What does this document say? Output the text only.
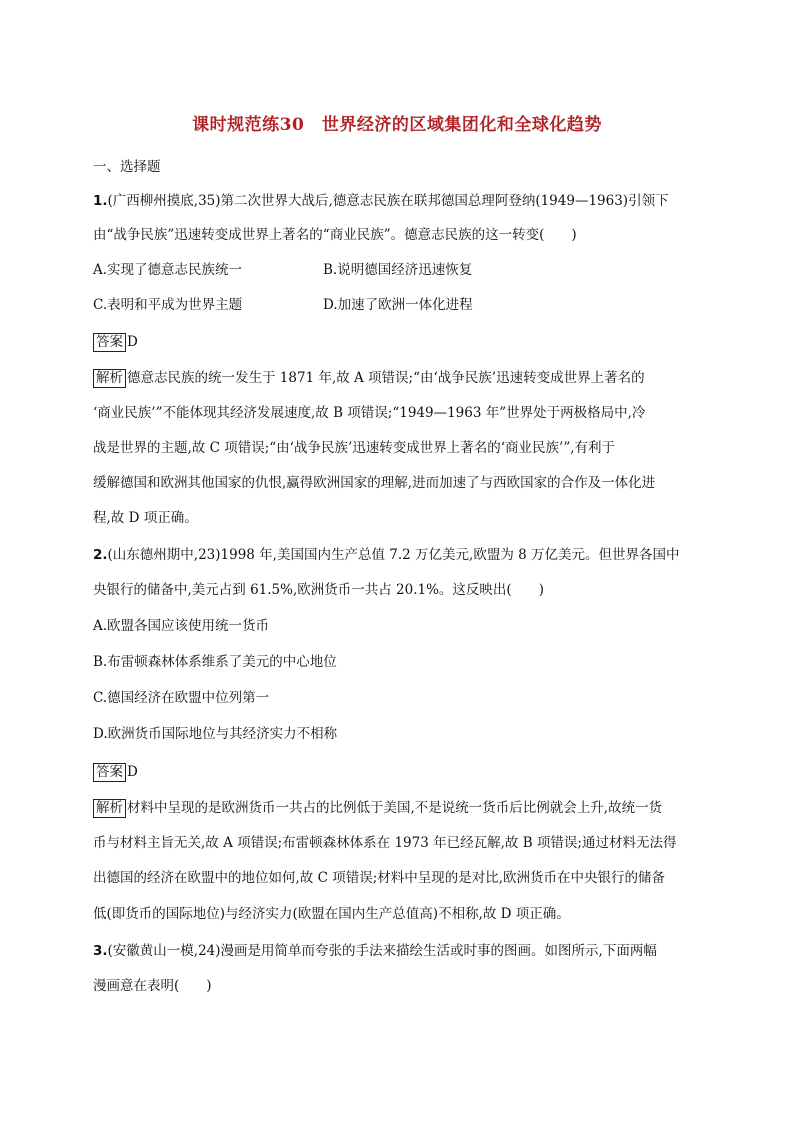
课时规范练30　世界经济的区域集团化和全球化趋势
一、选择题
1.(广西柳州摸底,35)第二次世界大战后,德意志民族在联邦德国总理阿登纳(1949—1963)引领下
由“战争民族”迅速转变成世界上著名的“商业民族”。德意志民族的这一转变(　　)
A.实现了德意志民族统一	B.说明德国经济迅速恢复
C.表明和平成为世界主题	D.加速了欧洲一体化进程
答案 D
解析 德意志民族的统一发生于 1871 年,故 A 项错误;“由‘战争民族’迅速转变成世界上著名的
‘商业民族’”不能体现其经济发展速度,故 B 项错误;“1949—1963 年”世界处于两极格局中,冷
战是世界的主题,故 C 项错误;“由‘战争民族’迅速转变成世界上著名的‘商业民族’”,有利于
缓解德国和欧洲其他国家的仇恨,赢得欧洲国家的理解,进而加速了与西欧国家的合作及一体化进
程,故 D 项正确。
2.(山东德州期中,23)1998 年,美国国内生产总值 7.2 万亿美元,欧盟为 8 万亿美元。但世界各国中
央银行的储备中,美元占到 61.5%,欧洲货币一共占 20.1%。这反映出(　　)
A.欧盟各国应该使用统一货币
B.布雷顿森林体系维系了美元的中心地位
C.德国经济在欧盟中位列第一
D.欧洲货币国际地位与其经济实力不相称
答案 D
解析 材料中呈现的是欧洲货币一共占的比例低于美国,不是说统一货币后比例就会上升,故统一货
币与材料主旨无关,故 A 项错误;布雷顿森林体系在 1973 年已经瓦解,故 B 项错误;通过材料无法得
出德国的经济在欧盟中的地位如何,故 C 项错误;材料中呈现的是对比,欧洲货币在中央银行的储备
低(即货币的国际地位)与经济实力(欧盟在国内生产总值高)不相称,故 D 项正确。
3.(安徽黄山一模,24)漫画是用简单而夸张的手法来描绘生活或时事的图画。如图所示,下面两幅
漫画意在表明(　　)
